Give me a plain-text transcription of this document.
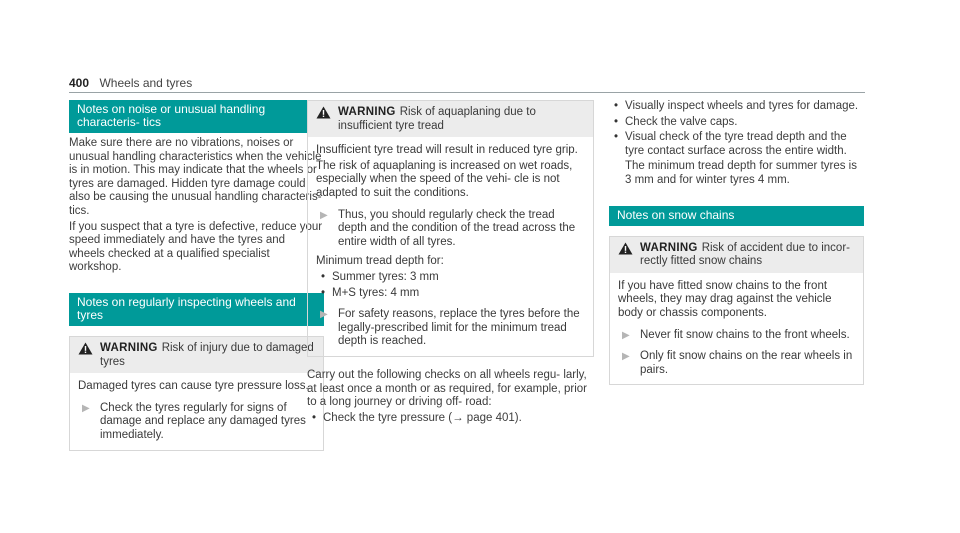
400 Wheels and tyres
Notes on noise or unusual handling characteris- tics

Make sure there are no vibrations, noises or unusual handling characteristics when the vehicle is in motion. This may indicate that the wheels or tyres are damaged. Hidden tyre damage could also be causing the unusual handling characteris- tics.

If you suspect that a tyre is defective, reduce your speed immediately and have the tyres and wheels checked at a qualified specialist workshop.

Notes on regularly inspecting wheels and tyres
WARNING Risk of injury due to damaged tyres

Damaged tyres can cause tyre pressure loss.

▶ Check the tyres regularly for signs of damage and replace any damaged tyres immediately.
WARNING Risk of aquaplaning due to insufficient tyre tread

Insufficient tyre tread will result in reduced tyre grip.

The risk of aquaplaning is increased on wet roads, especially when the speed of the vehi- cle is not adapted to suit the conditions.

▶ Thus, you should regularly check the tread depth and the condition of the tread across the entire width of all tyres.

Minimum tread depth for:

• Summer tyres: 3 mm
• M+S tyres: 4 mm
▶ For safety reasons, replace the tyres before the legally-prescribed limit for the minimum tread depth is reached.

Carry out the following checks on all wheels regu- larly, at least once a month or as required, for example, prior to a long journey or driving off- road:

• Check the tyre pressure (→ page 401).
• Visually inspect wheels and tyres for damage.
• Check the valve caps.
• Visual check of the tyre tread depth and the tyre contact surface across the entire width.

The minimum tread depth for summer tyres is 3 mm and for winter tyres 4 mm.

Notes on snow chains
WARNING Risk of accident due to incor- rectly fitted snow chains

If you have fitted snow chains to the front wheels, they may drag against the vehicle body or chassis components.

▶ Never fit snow chains to the front wheels.
▶ Only fit snow chains on the rear wheels in pairs.
